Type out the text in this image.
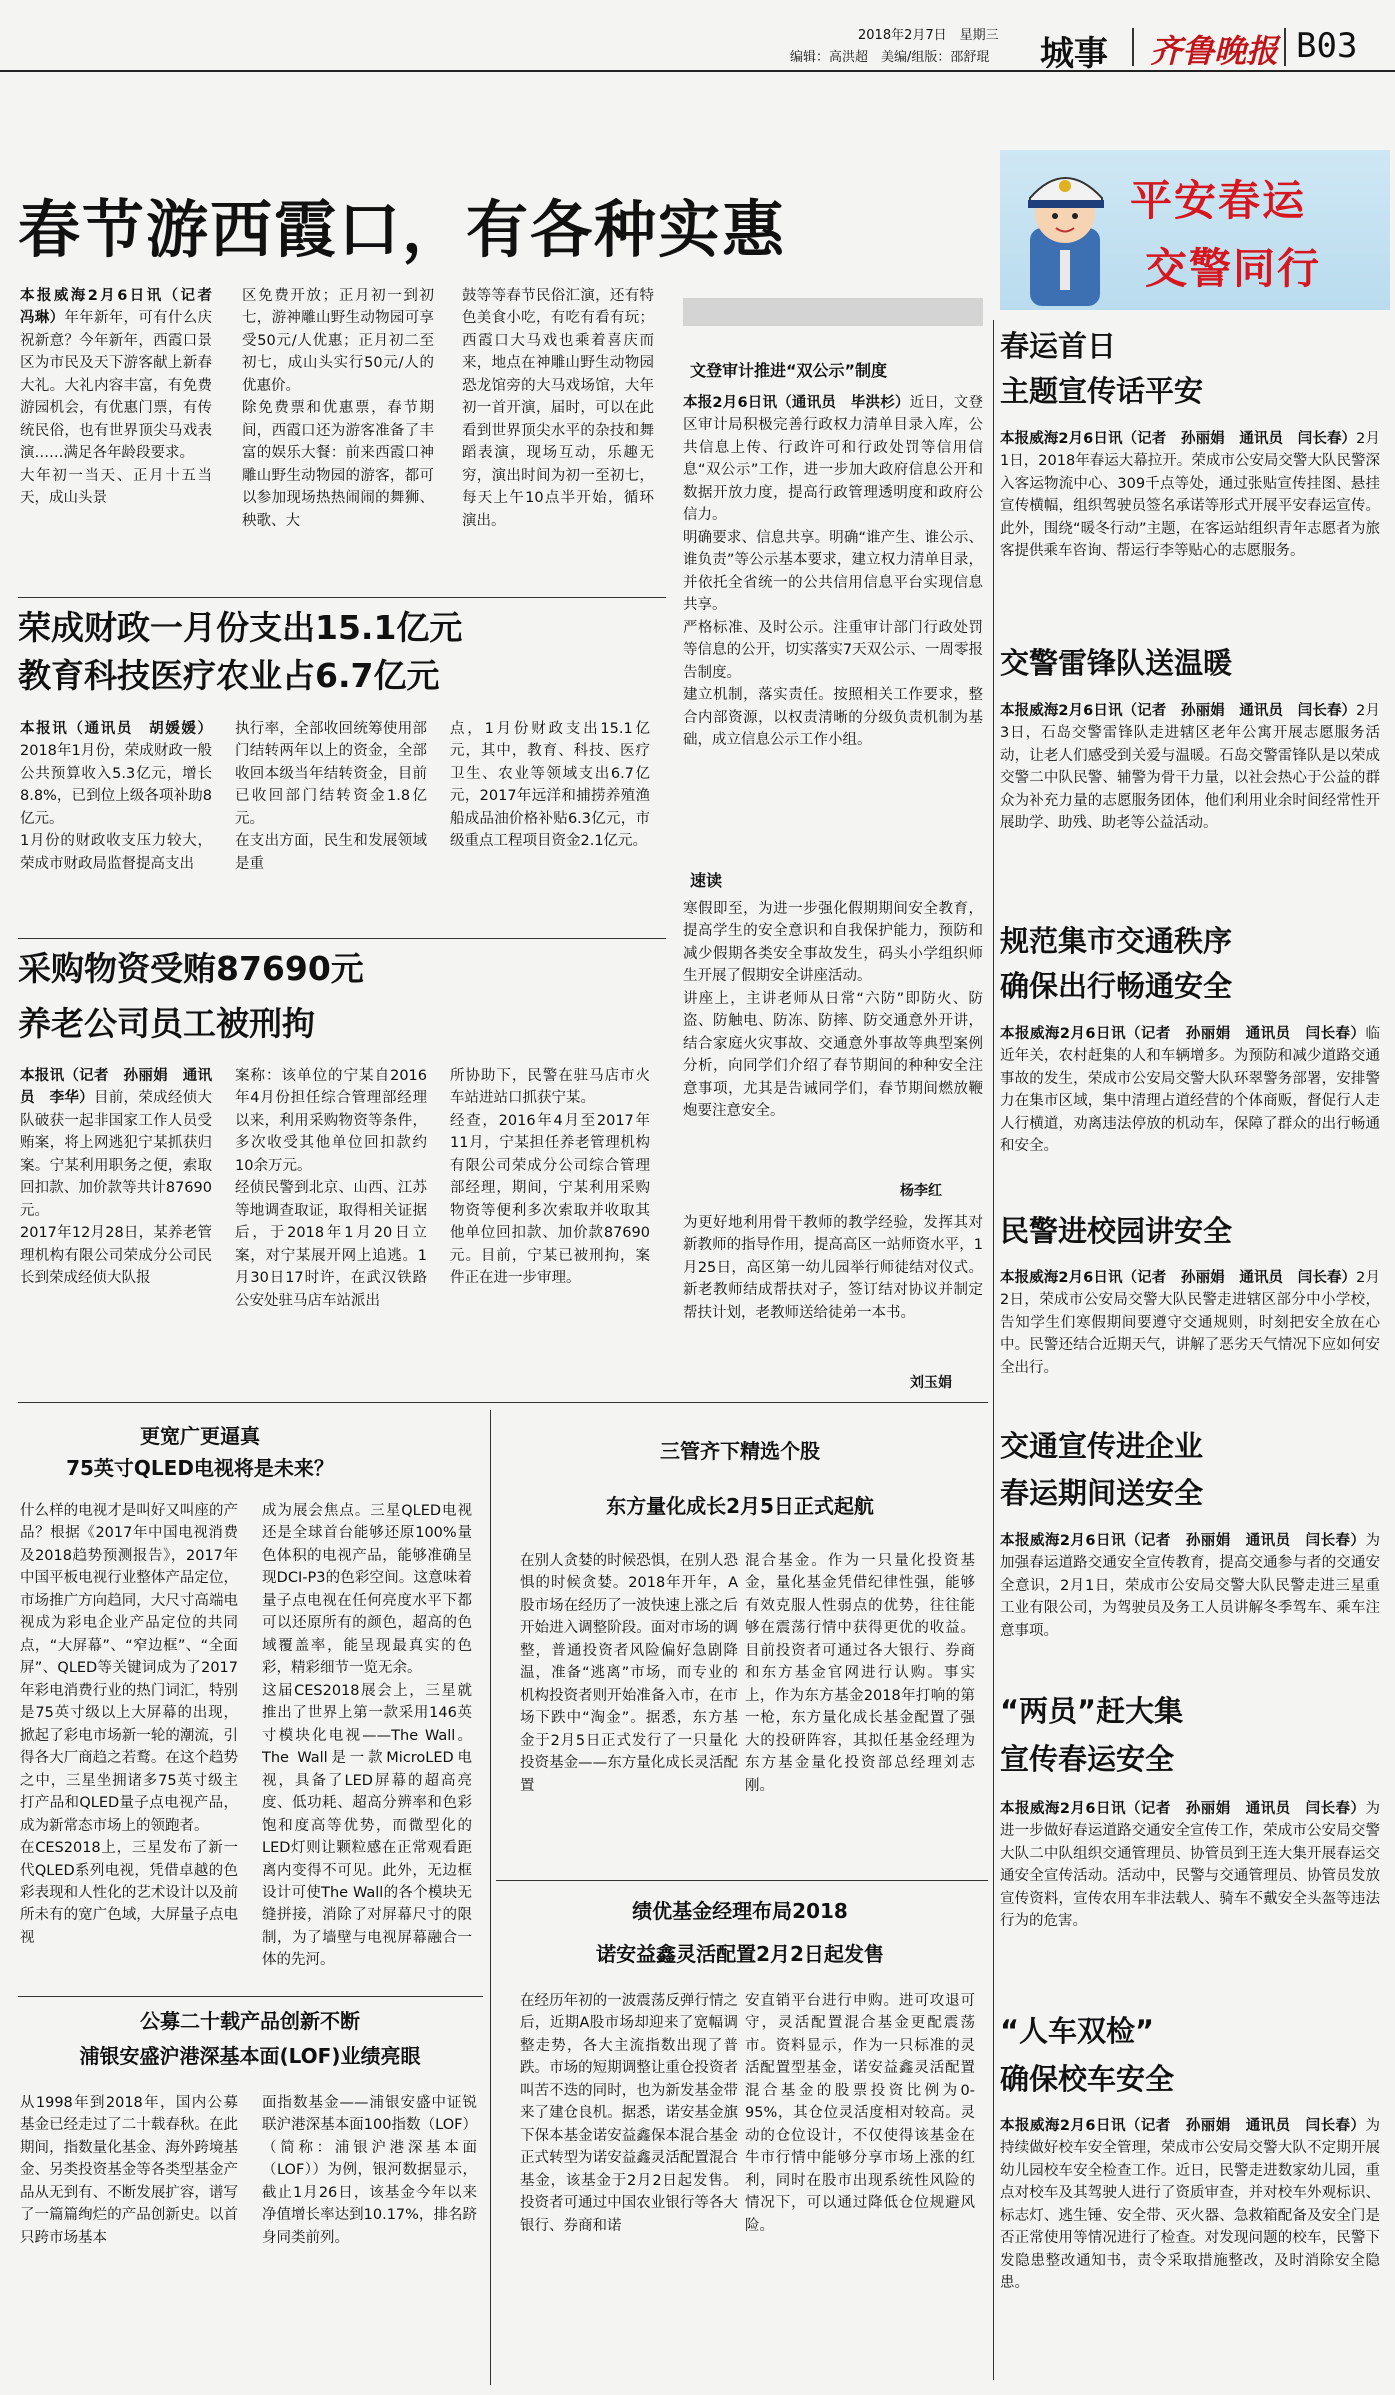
2018年2月7日　星期三
编辑：高洪超　美编/组版：邵舒琨 城事 齐鲁晚报 B03
春节游西霞口，有各种实惠	平安春运
交警同行
本报威海2月6日讯（记者　冯琳）年年新年，可有什么庆祝新意？今年新年，西霞口景区为市民及天下游客献上新春大礼。大礼内容丰富，有免费游园机会，有优惠门票，有传统民俗，也有世界顶尖马戏表演……满足各年龄段要求。
大年初一当天、正月十五当天，成山头景
区免费开放；正月初一到初七，游神雕山野生动物园可享受50元/人优惠；正月初二至初七，成山头实行50元/人的优惠价。
除免费票和优惠票，春节期间，西霞口还为游客准备了丰富的娱乐大餐：前来西霞口神雕山野生动物园的游客，都可以参加现场热热闹闹的舞狮、秧歌、大
鼓等等春节民俗汇演，还有特色美食小吃，有吃有看有玩；西霞口大马戏也乘着喜庆而来，地点在神雕山野生动物园恐龙馆旁的大马戏场馆，大年初一首开演，届时，可以在此看到世界顶尖水平的杂技和舞蹈表演，现场互动，乐趣无穷，演出时间为初一至初七，每天上午10点半开始，循环演出。
荣成财政一月份支出15.1亿元
教育科技医疗农业占6.7亿元
本报讯（通讯员　胡媛媛）2018年1月份，荣成财政一般公共预算收入5.3亿元，增长8.8%，已到位上级各项补助8亿元。
1月份的财政收支压力较大，荣成市财政局监督提高支出
执行率，全部收回统筹使用部门结转两年以上的资金，全部收回本级当年结转资金，目前已收回部门结转资金1.8亿元。
在支出方面，民生和发展领域是重
点，1月份财政支出15.1亿元，其中，教育、科技、医疗卫生、农业等领域支出6.7亿元，2017年远洋和捕捞养殖渔船成品油价格补贴6.3亿元，市级重点工程项目资金2.1亿元。
采购物资受贿87690元
养老公司员工被刑拘
本报讯（记者　孙丽娟　通讯员　李华）目前，荣成经侦大队破获一起非国家工作人员受贿案，将上网逃犯宁某抓获归案。宁某利用职务之便，索取回扣款、加价款等共计87690元。
2017年12月28日，某养老管理机构有限公司荣成分公司民长到荣成经侦大队报
案称：该单位的宁某自2016年4月份担任综合管理部经理以来，利用采购物资等条件，多次收受其他单位回扣款约10余万元。
经侦民警到北京、山西、江苏等地调查取证，取得相关证据后，于2018年1月20日立案，对宁某展开网上追逃。1月30日17时许，在武汉铁路公安处驻马店车站派出
所协助下，民警在驻马店市火车站进站口抓获宁某。
经查，2016年4月至2017年11月，宁某担任养老管理机构有限公司荣成分公司综合管理部经理，期间，宁某利用采购物资等便利多次索取并收取其他单位回扣款、加价款87690元。目前，宁某已被刑拘，案件正在进一步审理。
文登审计推进“双公示”制度
本报2月6日讯（通讯员　毕洪杉）近日，文登区审计局积极完善行政权力清单目录入库，公共信息上传、行政许可和行政处罚等信用信息“双公示”工作，进一步加大政府信息公开和数据开放力度，提高行政管理透明度和政府公信力。
明确要求、信息共享。明确“谁产生、谁公示、谁负责”等公示基本要求，建立权力清单目录，并依托全省统一的公共信用信息平台实现信息共享。
严格标准、及时公示。注重审计部门行政处罚等信息的公开，切实落实7天双公示、一周零报告制度。
建立机制，落实责任。按照相关工作要求，整合内部资源，以权责清晰的分级负责机制为基础，成立信息公示工作小组。
速读
寒假即至，为进一步强化假期期间安全教育，提高学生的安全意识和自我保护能力，预防和减少假期各类安全事故发生，码头小学组织师生开展了假期安全讲座活动。
讲座上，主讲老师从日常“六防”即防火、防盗、防触电、防冻、防摔、防交通意外开讲，结合家庭火灾事故、交通意外事故等典型案例分析，向同学们介绍了春节期间的种种安全注意事项，尤其是告诫同学们，春节期间燃放鞭炮要注意安全。
杨李红
为更好地利用骨干教师的教学经验，发挥其对新教师的指导作用，提高高区一站师资水平，1月25日，高区第一幼儿园举行师徒结对仪式。新老教师结成帮扶对子，签订结对协议并制定帮扶计划，老教师送给徒弟一本书。
刘玉娟
更宽广更逼真
75英寸QLED电视将是未来？
什么样的电视才是叫好又叫座的产品？根据《2017年中国电视消费及2018趋势预测报告》，2017年中国平板电视行业整体产品定位，市场推广方向趋同，大尺寸高端电视成为彩电企业产品定位的共同点，“大屏幕”、“窄边框”、“全面屏”、QLED等关键词成为了2017年彩电消费行业的热门词汇，特别是75英寸级以上大屏幕的出现，掀起了彩电市场新一轮的潮流，引得各大厂商趋之若鹜。在这个趋势之中，三星坐拥诸多75英寸级主打产品和QLED量子点电视产品，成为新常态市场上的领跑者。
在CES2018上，三星发布了新一代QLED系列电视，凭借卓越的色彩表现和人性化的艺术设计以及前所未有的宽广色域，大屏量子点电视
成为展会焦点。三星QLED电视还是全球首台能够还原100%量色体积的电视产品，能够准确呈现DCI-P3的色彩空间。这意味着量子点电视在任何亮度水平下都可以还原所有的颜色，超高的色域覆盖率，能呈现最真实的色彩，精彩细节一览无余。
这届CES2018展会上，三星就推出了世界上第一款采用146英寸模块化电视——The Wall。The Wall是一款MicroLED电视，具备了LED屏幕的超高亮度、低功耗、超高分辨率和色彩饱和度高等优势，而微型化的LED灯则让颗粒感在正常观看距离内变得不可见。此外，无边框设计可使The Wall的各个模块无缝拼接，消除了对屏幕尺寸的限制，为了墙壁与电视屏幕融合一体的先河。
三管齐下精选个股
东方量化成长2月5日正式起航
在别人贪婪的时候恐惧，在别人恐惧的时候贪婪。2018年开年，A股市场在经历了一波快速上涨之后开始进入调整阶段。面对市场的调整，普通投资者风险偏好急剧降温，准备“逃离”市场，而专业的机构投资者则开始准备入市，在市场下跌中“淘金”。据悉，东方基金于2月5日正式发行了一只量化投资基金——东方量化成长灵活配置
混合基金。作为一只量化投资基金，量化基金凭借纪律性强，能够有效克服人性弱点的优势，往往能够在震荡行情中获得更优的收益。目前投资者可通过各大银行、券商和东方基金官网进行认购。事实上，作为东方基金2018年打响的第一枪，东方量化成长基金配置了强大的投研阵容，其拟任基金经理为东方基金量化投资部总经理刘志刚。
公募二十载产品创新不断
浦银安盛沪港深基本面(LOF)业绩亮眼
从1998年到2018年，国内公募基金已经走过了二十载春秋。在此期间，指数量化基金、海外跨境基金、另类投资基金等各类型基金产品从无到有、不断发展扩容，谱写了一篇篇绚烂的产品创新史。以首只跨市场基本
面指数基金——浦银安盛中证锐联沪港深基本面100指数（LOF）（简称：浦银沪港深基本面（LOF））为例，银河数据显示，截止1月26日，该基金今年以来净值增长率达到10.17%，排名跻身同类前列。
绩优基金经理布局2018
诺安益鑫灵活配置2月2日起发售
在经历年初的一波震荡反弹行情之后，近期A股市场却迎来了宽幅调整走势，各大主流指数出现了普跌。市场的短期调整让重仓投资者叫苦不迭的同时，也为新发基金带来了建仓良机。据悉，诺安基金旗下保本基金诺安益鑫保本混合基金正式转型为诺安益鑫灵活配置混合基金，该基金于2月2日起发售。投资者可通过中国农业银行等各大银行、券商和诺
安直销平台进行申购。进可攻退可守，灵活配置混合基金更配震荡市。资料显示，作为一只标准的灵活配置型基金，诺安益鑫灵活配置混合基金的股票投资比例为0-95%，其仓位灵活度相对较高。灵动的仓位设计，不仅使得该基金在牛市行情中能够分享市场上涨的红利，同时在股市出现系统性风险的情况下，可以通过降低仓位规避风险。
春运首日
主题宣传话平安
本报威海2月6日讯（记者　孙丽娟　通讯员　闫长春）2月1日，2018年春运大幕拉开。荣成市公安局交警大队民警深入客运物流中心、309千点等处，通过张贴宣传挂图、悬挂宣传横幅，组织驾驶员签名承诺等形式开展平安春运宣传。此外，围绕“暖冬行动”主题，在客运站组织青年志愿者为旅客提供乘车咨询、帮运行李等贴心的志愿服务。
交警雷锋队送温暖
本报威海2月6日讯（记者　孙丽娟　通讯员　闫长春）2月3日，石岛交警雷锋队走进辖区老年公寓开展志愿服务活动，让老人们感受到关爱与温暖。石岛交警雷锋队是以荣成交警二中队民警、辅警为骨干力量，以社会热心于公益的群众为补充力量的志愿服务团体，他们利用业余时间经常性开展助学、助残、助老等公益活动。
规范集市交通秩序
确保出行畅通安全
本报威海2月6日讯（记者　孙丽娟　通讯员　闫长春）临近年关，农村赶集的人和车辆增多。为预防和减少道路交通事故的发生，荣成市公安局交警大队环翠警务部署，安排警力在集市区域，集中清理占道经营的个体商贩，督促行人走人行横道，劝离违法停放的机动车，保障了群众的出行畅通和安全。
民警进校园讲安全
本报威海2月6日讯（记者　孙丽娟　通讯员　闫长春）2月2日，荣成市公安局交警大队民警走进辖区部分中小学校，告知学生们寒假期间要遵守交通规则，时刻把安全放在心中。民警还结合近期天气，讲解了恶劣天气情况下应如何安全出行。
交通宣传进企业
春运期间送安全
本报威海2月6日讯（记者　孙丽娟　通讯员　闫长春）为加强春运道路交通安全宣传教育，提高交通参与者的交通安全意识，2月1日，荣成市公安局交警大队民警走进三星重工业有限公司，为驾驶员及务工人员讲解冬季驾车、乘车注意事项。
“两员”赶大集
宣传春运安全
本报威海2月6日讯（记者　孙丽娟　通讯员　闫长春）为进一步做好春运道路交通安全宣传工作，荣成市公安局交警大队二中队组织交通管理员、协管员到王连大集开展春运交通安全宣传活动。活动中，民警与交通管理员、协管员发放宣传资料，宣传农用车非法载人、骑车不戴安全头盔等违法行为的危害。
“人车双检”
确保校车安全
本报威海2月6日讯（记者　孙丽娟　通讯员　闫长春）为持续做好校车安全管理，荣成市公安局交警大队不定期开展幼儿园校车安全检查工作。近日，民警走进数家幼儿园，重点对校车及其驾驶人进行了资质审查，并对校车外观标识、标志灯、逃生锤、安全带、灭火器、急救箱配备及安全门是否正常使用等情况进行了检查。对发现问题的校车，民警下发隐患整改通知书，责令采取措施整改，及时消除安全隐患。
